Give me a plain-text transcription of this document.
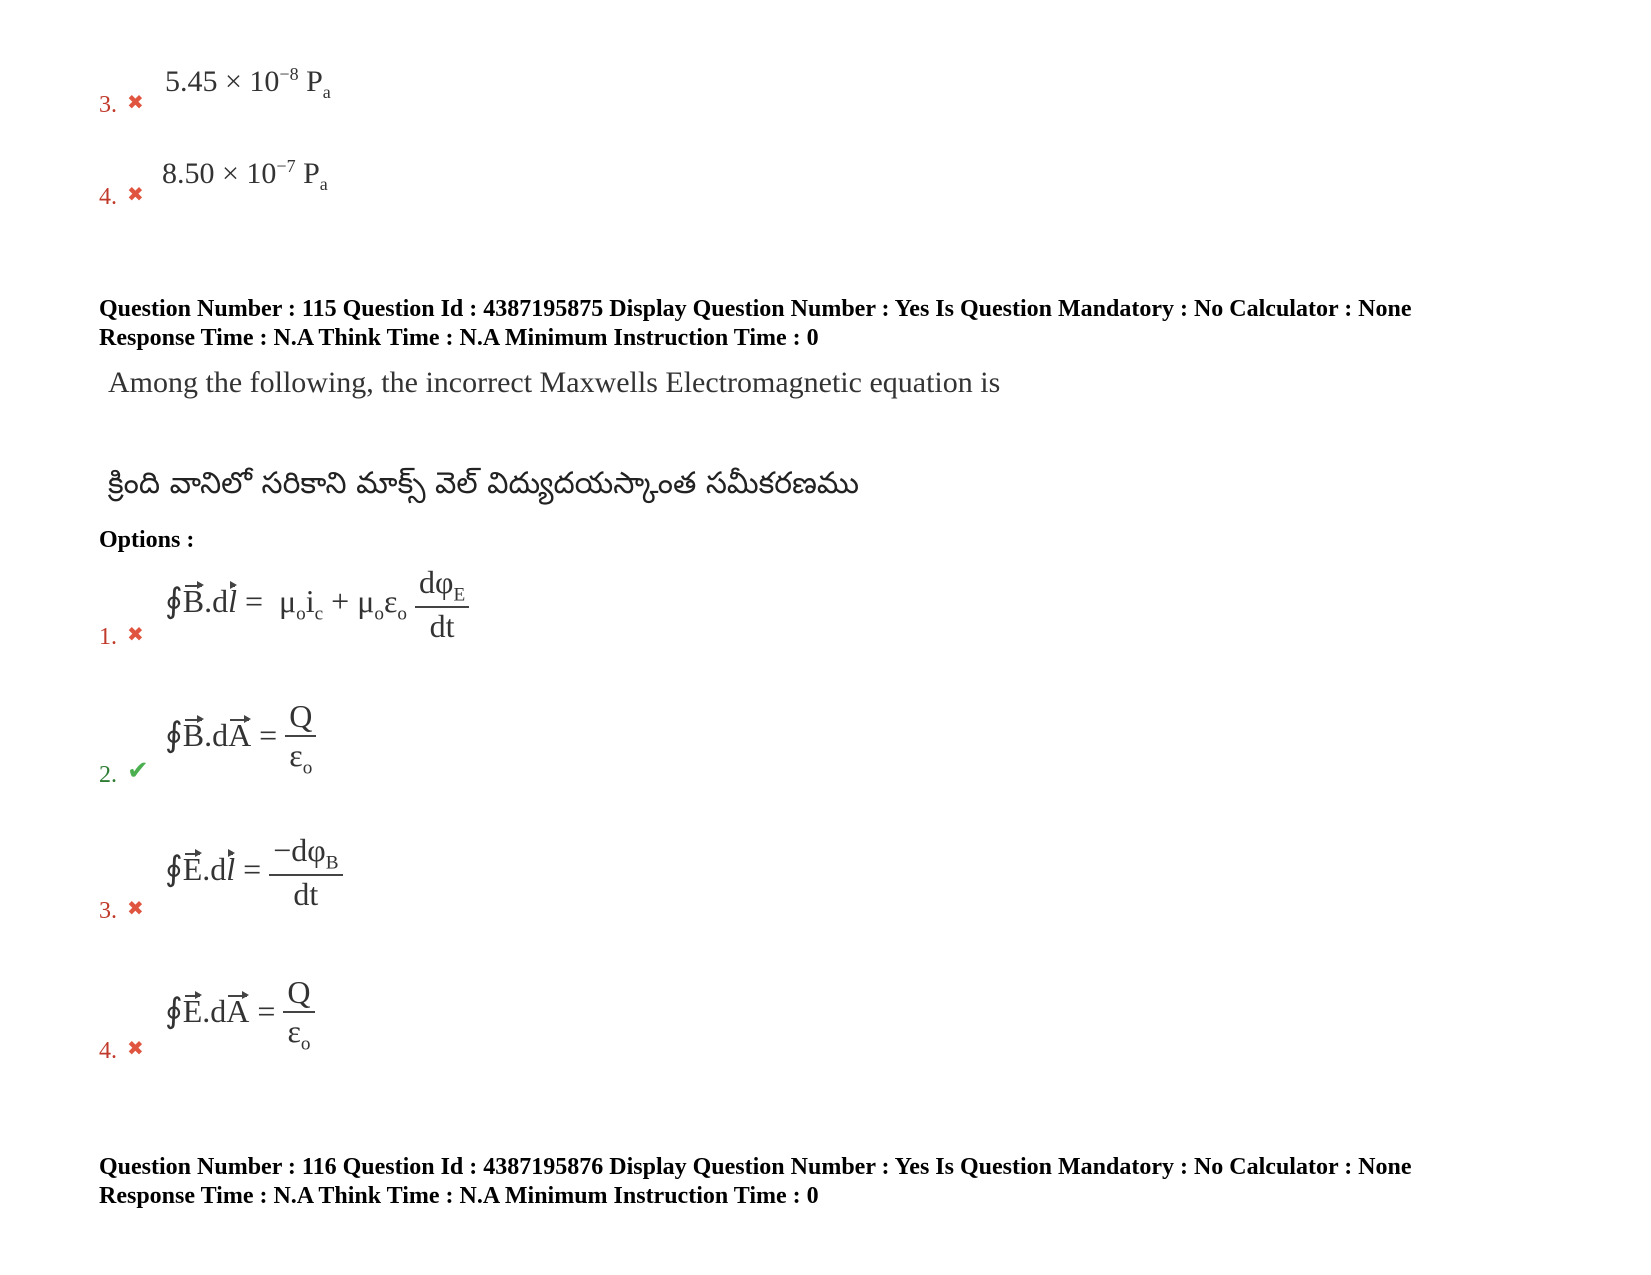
3. ✖
$5.45 \times 10^{-8}$ $P_a$
4. ✖
$8.50 \times 10^{-7}$ $P_a$
Question Number : 115 Question Id : 4387195875 Display Question Number : Yes Is Question Mandatory : No Calculator : None
Response Time : N.A Think Time : N.A Minimum Instruction Time : 0
Among the following, the incorrect Maxwells Electromagnetic equation is
క్రింది వానిలో సరికాని మాక్స్ వెల్ విద్యుదయస్కాంత సమీకరణము
Options :
1. ✖
∮B.dl =  $\mu_oi_c + \mu_o\varepsilon_o \frac{d\varphi_E}{dt}$
2. ✔
∮B.dA = $\frac{Q}{\varepsilon_o}$
3. ✖
∮E.dl = $\frac{-d\varphi_B}{dt}$
4. ✖
∮E.dA = $\frac{Q}{\varepsilon_o}$
Question Number : 116 Question Id : 4387195876 Display Question Number : Yes Is Question Mandatory : No Calculator : None
Response Time : N.A Think Time : N.A Minimum Instruction Time : 0
